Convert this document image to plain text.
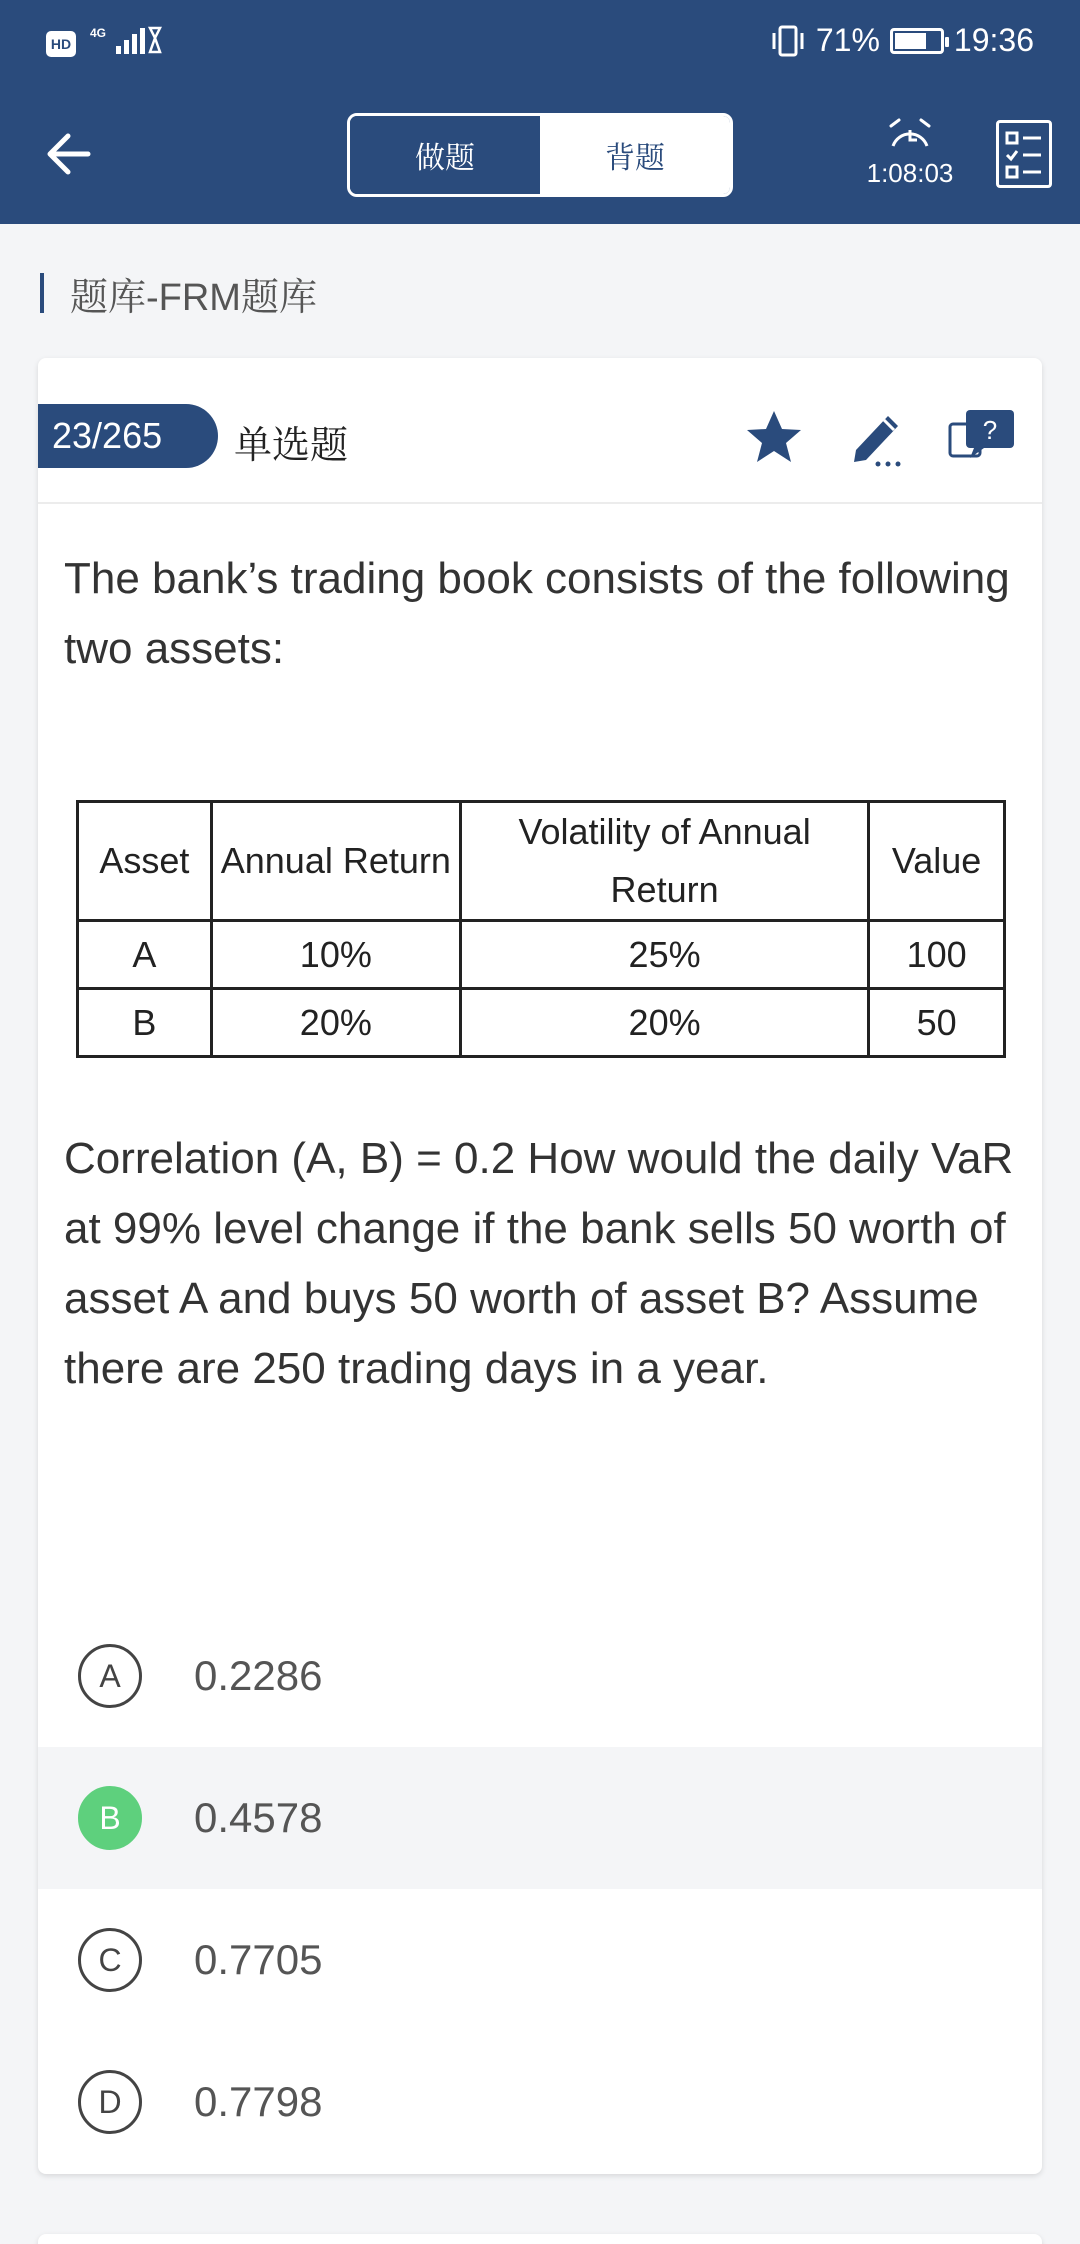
HD
4G	71% 19:36
做题	背题	1:08:03
题库-FRM题库
23/265	单选题	?
The bank’s trading book consists of the following two assets:
Asset	Annual Return	Volatility of Annual Return	Value
A	10%	25%	100
B	20%	20%	50
Correlation (A, B) = 0.2 How would the daily VaR at 99% level change if the bank sells 50 worth of asset A and buys 50 worth of asset B? Assume there are 250 trading days in a year.
A	0.2286
B	0.4578
C	0.7705
D	0.7798
